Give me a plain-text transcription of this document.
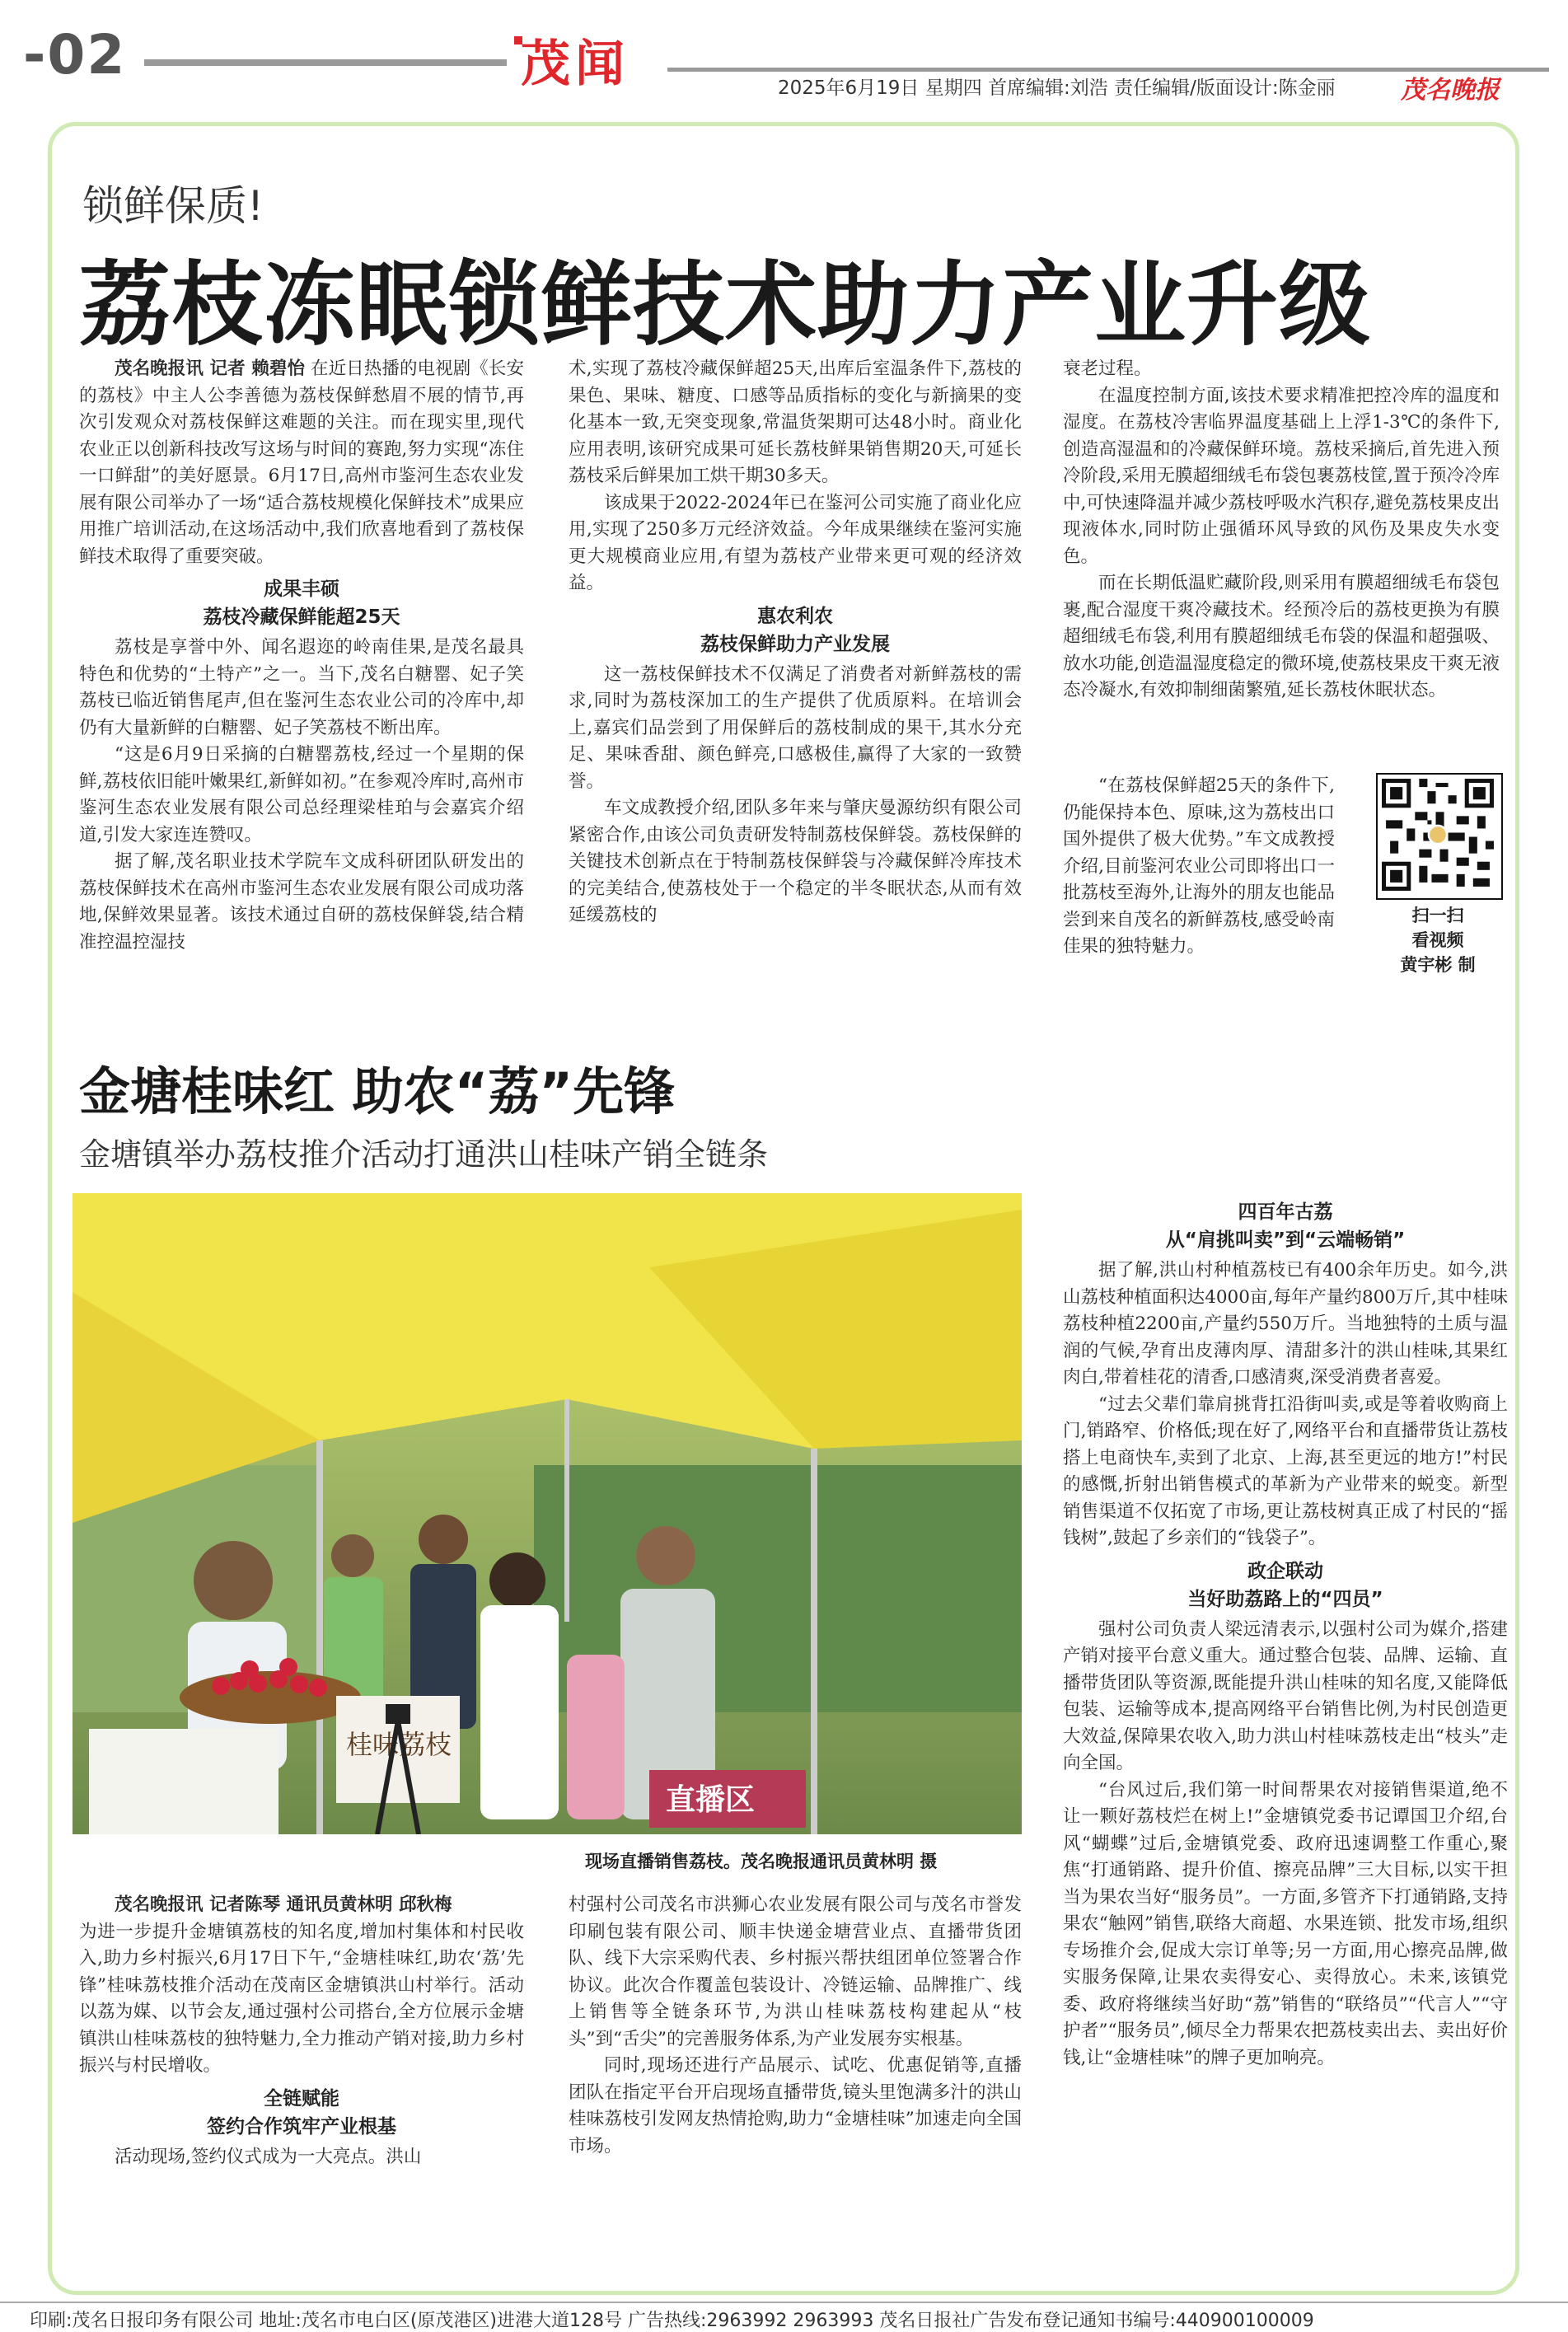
-02	茂闻	2025年6月19日 星期四 首席编辑:刘浩 责任编辑/版面设计:陈金丽	茂名晚报
锁鲜保质!
荔枝冻眠锁鲜技术助力产业升级

茂名晚报讯 记者 赖碧怡 在近日热播的电视剧《长安的荔枝》中主人公李善德为荔枝保鲜愁眉不展的情节,再次引发观众对荔枝保鲜这难题的关注。而在现实里,现代农业正以创新科技改写这场与时间的赛跑,努力实现“冻住一口鲜甜”的美好愿景。6月17日,高州市鉴河生态农业发展有限公司举办了一场“适合荔枝规模化保鲜技术”成果应用推广培训活动,在这场活动中,我们欣喜地看到了荔枝保鲜技术取得了重要突破。

成果丰硕
荔枝冷藏保鲜能超25天

荔枝是享誉中外、闻名遐迩的岭南佳果,是茂名最具特色和优势的“土特产”之一。当下,茂名白糖罂、妃子笑荔枝已临近销售尾声,但在鉴河生态农业公司的冷库中,却仍有大量新鲜的白糖罂、妃子笑荔枝不断出库。

“这是6月9日采摘的白糖罂荔枝,经过一个星期的保鲜,荔枝依旧能叶嫩果红,新鲜如初。”在参观冷库时,高州市鉴河生态农业发展有限公司总经理梁桂珀与会嘉宾介绍道,引发大家连连赞叹。

据了解,茂名职业技术学院车文成科研团队研发出的荔枝保鲜技术在高州市鉴河生态农业发展有限公司成功落地,保鲜效果显著。该技术通过自研的荔枝保鲜袋,结合精准控温控湿技

术,实现了荔枝冷藏保鲜超25天,出库后室温条件下,荔枝的果色、果味、糖度、口感等品质指标的变化与新摘果的变化基本一致,无突变现象,常温货架期可达48小时。商业化应用表明,该研究成果可延长荔枝鲜果销售期20天,可延长荔枝采后鲜果加工烘干期30多天。

该成果于2022-2024年已在鉴河公司实施了商业化应用,实现了250多万元经济效益。今年成果继续在鉴河实施更大规模商业应用,有望为荔枝产业带来更可观的经济效益。

惠农利农
荔枝保鲜助力产业发展

这一荔枝保鲜技术不仅满足了消费者对新鲜荔枝的需求,同时为荔枝深加工的生产提供了优质原料。在培训会上,嘉宾们品尝到了用保鲜后的荔枝制成的果干,其水分充足、果味香甜、颜色鲜亮,口感极佳,赢得了大家的一致赞誉。

车文成教授介绍,团队多年来与肇庆曼源纺织有限公司紧密合作,由该公司负责研发特制荔枝保鲜袋。荔枝保鲜的关键技术创新点在于特制荔枝保鲜袋与冷藏保鲜冷库技术的完美结合,使荔枝处于一个稳定的半冬眠状态,从而有效延缓荔枝的

衰老过程。

在温度控制方面,该技术要求精准把控冷库的温度和湿度。在荔枝冷害临界温度基础上上浮1-3℃的条件下,创造高湿温和的冷藏保鲜环境。荔枝采摘后,首先进入预冷阶段,采用无膜超细绒毛布袋包裹荔枝筐,置于预冷冷库中,可快速降温并减少荔枝呼吸水汽积存,避免荔枝果皮出现液体水,同时防止强循环风导致的风伤及果皮失水变色。

而在长期低温贮藏阶段,则采用有膜超细绒毛布袋包裹,配合湿度干爽冷藏技术。经预冷后的荔枝更换为有膜超细绒毛布袋,利用有膜超细绒毛布袋的保温和超强吸、放水功能,创造温湿度稳定的微环境,使荔枝果皮干爽无液态冷凝水,有效抑制细菌繁殖,延长荔枝休眠状态。

“在荔枝保鲜超25天的条件下,仍能保持本色、原味,这为荔枝出口国外提供了极大优势。”车文成教授介绍,目前鉴河农业公司即将出口一批荔枝至海外,让海外的朋友也能品尝到来自茂名的新鲜荔枝,感受岭南佳果的独特魅力。

扫一扫
看视频
黄宇彬 制
金塘桂味红 助农“荔”先锋
金塘镇举办荔枝推介活动打通洪山桂味产销全链条
桂味荔枝
直播区
现场直播销售荔枝。茂名晚报通讯员黄林明 摄

茂名晚报讯 记者陈琴 通讯员黄林明 邱秋梅

为进一步提升金塘镇荔枝的知名度,增加村集体和村民收入,助力乡村振兴,6月17日下午,“金塘桂味红,助农‘荔’先锋”桂味荔枝推介活动在茂南区金塘镇洪山村举行。活动以荔为媒、以节会友,通过强村公司搭台,全方位展示金塘镇洪山桂味荔枝的独特魅力,全力推动产销对接,助力乡村振兴与村民增收。

全链赋能
签约合作筑牢产业根基

活动现场,签约仪式成为一大亮点。洪山

村强村公司茂名市洪狮心农业发展有限公司与茂名市誉发印刷包装有限公司、顺丰快递金塘营业点、直播带货团队、线下大宗采购代表、乡村振兴帮扶组团单位签署合作协议。此次合作覆盖包装设计、冷链运输、品牌推广、线上销售等全链条环节,为洪山桂味荔枝构建起从“枝头”到“舌尖”的完善服务体系,为产业发展夯实根基。

同时,现场还进行产品展示、试吃、优惠促销等,直播团队在指定平台开启现场直播带货,镜头里饱满多汁的洪山桂味荔枝引发网友热情抢购,助力“金塘桂味”加速走向全国市场。

四百年古荔
从“肩挑叫卖”到“云端畅销”

据了解,洪山村种植荔枝已有400余年历史。如今,洪山荔枝种植面积达4000亩,每年产量约800万斤,其中桂味荔枝种植2200亩,产量约550万斤。当地独特的土质与温润的气候,孕育出皮薄肉厚、清甜多汁的洪山桂味,其果红肉白,带着桂花的清香,口感清爽,深受消费者喜爱。

“过去父辈们靠肩挑背扛沿街叫卖,或是等着收购商上门,销路窄、价格低;现在好了,网络平台和直播带货让荔枝搭上电商快车,卖到了北京、上海,甚至更远的地方!”村民的感慨,折射出销售模式的革新为产业带来的蜕变。新型销售渠道不仅拓宽了市场,更让荔枝树真正成了村民的“摇钱树”,鼓起了乡亲们的“钱袋子”。

政企联动
当好助荔路上的“四员”

强村公司负责人梁远清表示,以强村公司为媒介,搭建产销对接平台意义重大。通过整合包装、品牌、运输、直播带货团队等资源,既能提升洪山桂味的知名度,又能降低包装、运输等成本,提高网络平台销售比例,为村民创造更大效益,保障果农收入,助力洪山村桂味荔枝走出“枝头”走向全国。

“台风过后,我们第一时间帮果农对接销售渠道,绝不让一颗好荔枝烂在树上!”金塘镇党委书记谭国卫介绍,台风“蝴蝶”过后,金塘镇党委、政府迅速调整工作重心,聚焦“打通销路、提升价值、擦亮品牌”三大目标,以实干担当为果农当好“服务员”。一方面,多管齐下打通销路,支持果农“触网”销售,联络大商超、水果连锁、批发市场,组织专场推介会,促成大宗订单等;另一方面,用心擦亮品牌,做实服务保障,让果农卖得安心、卖得放心。未来,该镇党委、政府将继续当好助“荔”销售的“联络员”“代言人”“守护者”“服务员”,倾尽全力帮果农把荔枝卖出去、卖出好价钱,让“金塘桂味”的牌子更加响亮。

印刷:茂名日报印务有限公司 地址:茂名市电白区(原茂港区)进港大道128号 广告热线:2963992 2963993 茂名日报社广告发布登记通知书编号:440900100009
